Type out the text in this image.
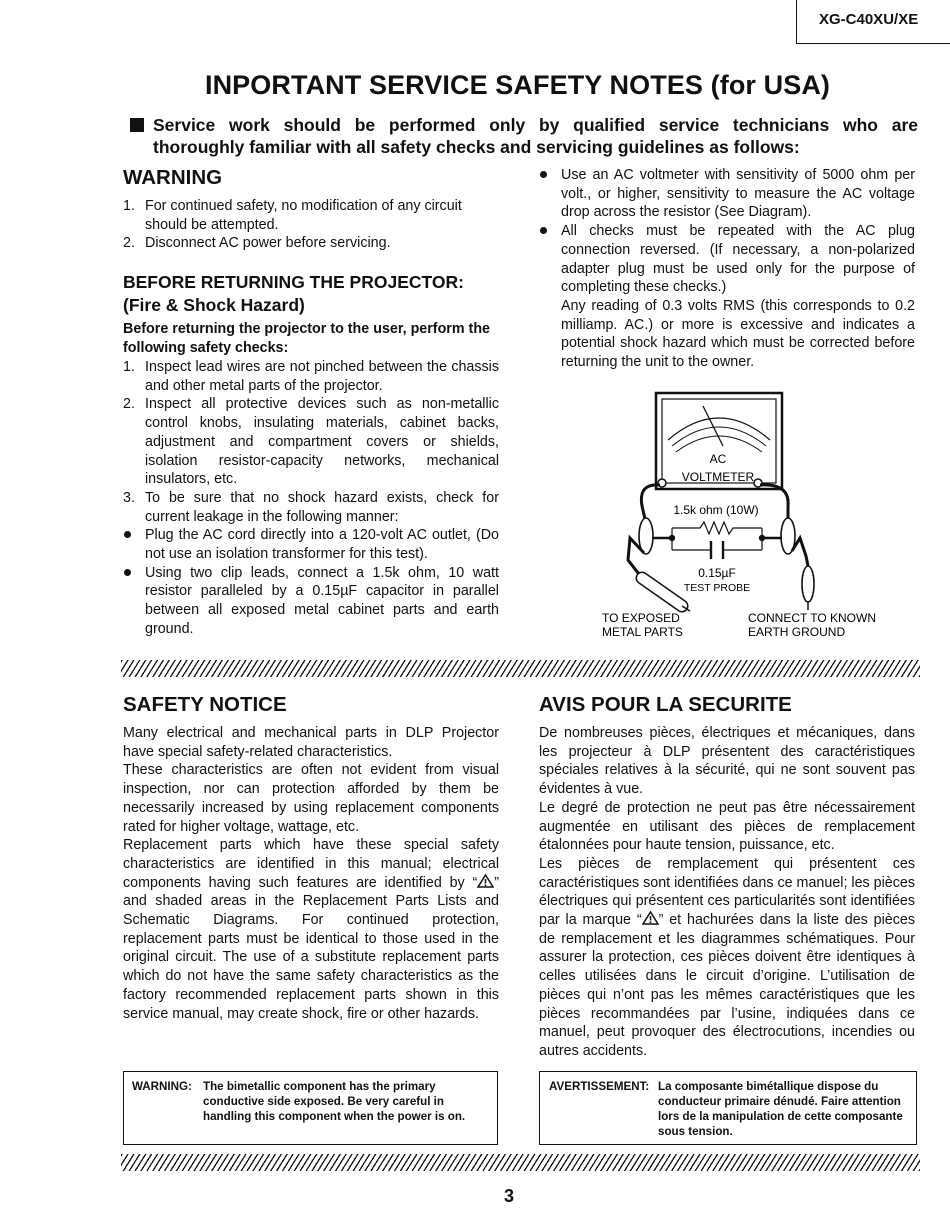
XG-C40XU/XE
INPORTANT SERVICE SAFETY NOTES (for USA)
Service work should be performed only by qualified service technicians who are
thoroughly familiar with all safety checks and servicing guidelines as follows:
WARNING
1. For continued safety, no modification of any circuit should be attempted.
2. Disconnect AC power before servicing.
BEFORE RETURNING THE PROJECTOR:
(Fire & Shock Hazard)
Before returning the projector to the user, perform the following safety checks:
1. Inspect lead wires are not pinched between the chassis and other metal parts of the projector.
2. Inspect all protective devices such as non-metallic control knobs, insulating materials, cabinet backs, adjustment and compartment covers or shields, isolation resistor-capacity networks, mechanical insulators, etc.
3. To be sure that no shock hazard exists, check for current leakage in the following manner:
Plug the AC cord directly into a 120-volt AC outlet, (Do not use an isolation transformer for this test).
Using two clip leads, connect a 1.5k ohm, 10 watt resistor paralleled by a 0.15µF capacitor in parallel between all exposed metal cabinet parts and earth ground.
Use an AC voltmeter with sensitivity of 5000 ohm per volt., or higher, sensitivity to measure the AC voltage drop across the resistor (See Diagram).
All checks must be repeated with the AC plug connection reversed. (If necessary, a non-polarized adapter plug must be used only for the purpose of completing these checks.)
Any reading of 0.3 volts RMS (this corresponds to 0.2 milliamp. AC.) or more is excessive and indicates a potential shock hazard which must be corrected before returning the unit to the owner.
AC
VOLTMETER
1.5k ohm (10W)
0.15µF
TEST PROBE
TO EXPOSED
METAL PARTS
CONNECT TO KNOWN
EARTH GROUND
SAFETY NOTICE

Many electrical and mechanical parts in DLP Projector have special safety-related characteristics.

These characteristics are often not evident from visual inspection, nor can protection afforded by them be necessarily increased by using replacement components rated for higher voltage, wattage, etc.

Replacement parts which have these special safety characteristics are identified in this manual; electrical components having such features are identified by “ ” and shaded areas in the Replacement Parts Lists and Schematic Diagrams. For continued protection, replacement parts must be identical to those used in the original circuit. The use of a substitute replacement parts which do not have the same safety characteristics as the factory recommended replacement parts shown in this service manual, may create shock, fire or other hazards.

AVIS POUR LA SECURITE

De nombreuses pièces, électriques et mécaniques, dans les projecteur à DLP présentent des caractéristiques spéciales relatives à la sécurité, qui ne sont souvent pas évidentes à vue.

Le degré de protection ne peut pas être nécessairement augmentée en utilisant des pièces de remplacement étalonnées pour haute tension, puissance, etc.

Les pièces de remplacement qui présentent ces caractéristiques sont identifiées dans ce manuel; les pièces électriques qui présentent ces particularités sont identifiées par la marque “ ” et hachurées dans la liste des pièces de remplacement et les diagrammes schématiques. Pour assurer la protection, ces pièces doivent être identiques à celles utilisées dans le circuit d’origine. L’utilisation de pièces qui n’ont pas les mêmes caractéristiques que les pièces recommandées par l’usine, indiquées dans ce manuel, peut provoquer des électrocutions, incendies ou autres accidents.

WARNING: The bimetallic component has the primary conductive side exposed. Be very careful in handling this component when the power is on.
AVERTISSEMENT: La composante bimétallique dispose du conducteur primaire dénudé. Faire attention lors de la manipulation de cette composante sous tension.
3
